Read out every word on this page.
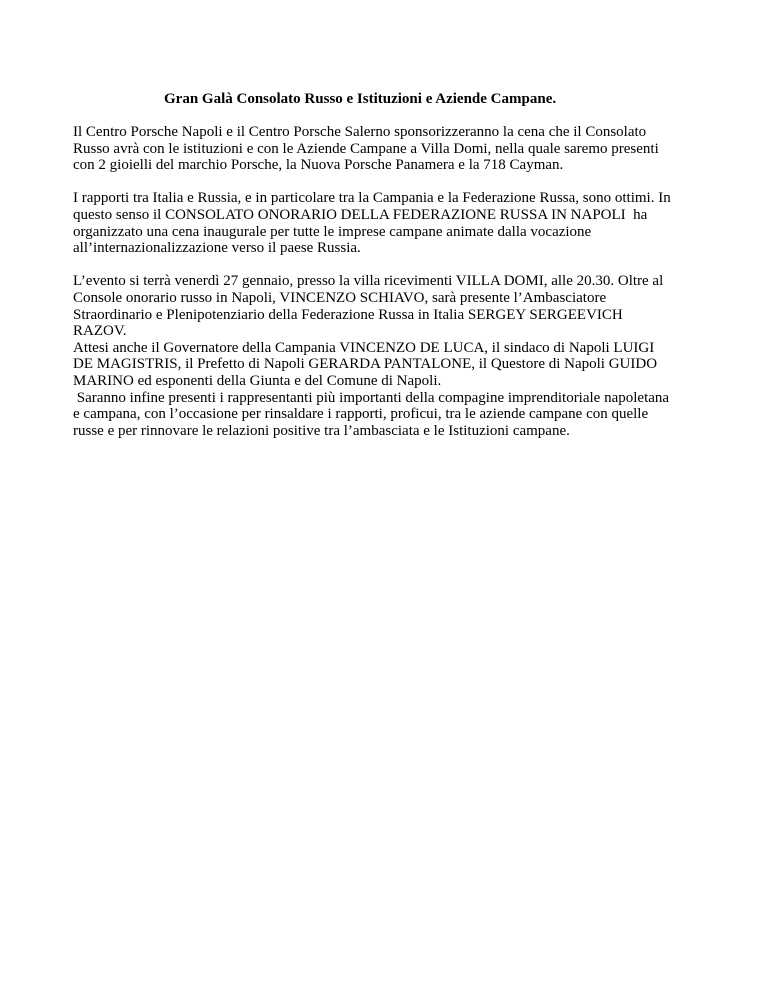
Gran Galà Consolato Russo e Istituzioni e Aziende Campane.

Il Centro Porsche Napoli e il Centro Porsche Salerno sponsorizzeranno la cena che il Consolato
Russo avrà con le istituzioni e con le Aziende Campane a Villa Domi, nella quale saremo presenti
con 2 gioielli del marchio Porsche, la Nuova Porsche Panamera e la 718 Cayman.

I rapporti tra Italia e Russia, e in particolare tra la Campania e la Federazione Russa, sono ottimi. In
questo senso il CONSOLATO ONORARIO DELLA FEDERAZIONE RUSSA IN NAPOLI  ha
organizzato una cena inaugurale per tutte le imprese campane animate dalla vocazione
all’internazionalizzazione verso il paese Russia.

L’evento si terrà venerdì 27 gennaio, presso la villa ricevimenti VILLA DOMI, alle 20.30. Oltre al
Console onorario russo in Napoli, VINCENZO SCHIAVO, sarà presente l’Ambasciatore
Straordinario e Plenipotenziario della Federazione Russa in Italia SERGEY SERGEEVICH
RAZOV.

Attesi anche il Governatore della Campania VINCENZO DE LUCA, il sindaco di Napoli LUIGI
DE MAGISTRIS, il Prefetto di Napoli GERARDA PANTALONE, il Questore di Napoli GUIDO
MARINO ed esponenti della Giunta e del Comune di Napoli.

Saranno infine presenti i rappresentanti più importanti della compagine imprenditoriale napoletana
e campana, con l’occasione per rinsaldare i rapporti, proficui, tra le aziende campane con quelle
russe e per rinnovare le relazioni positive tra l’ambasciata e le Istituzioni campane.
